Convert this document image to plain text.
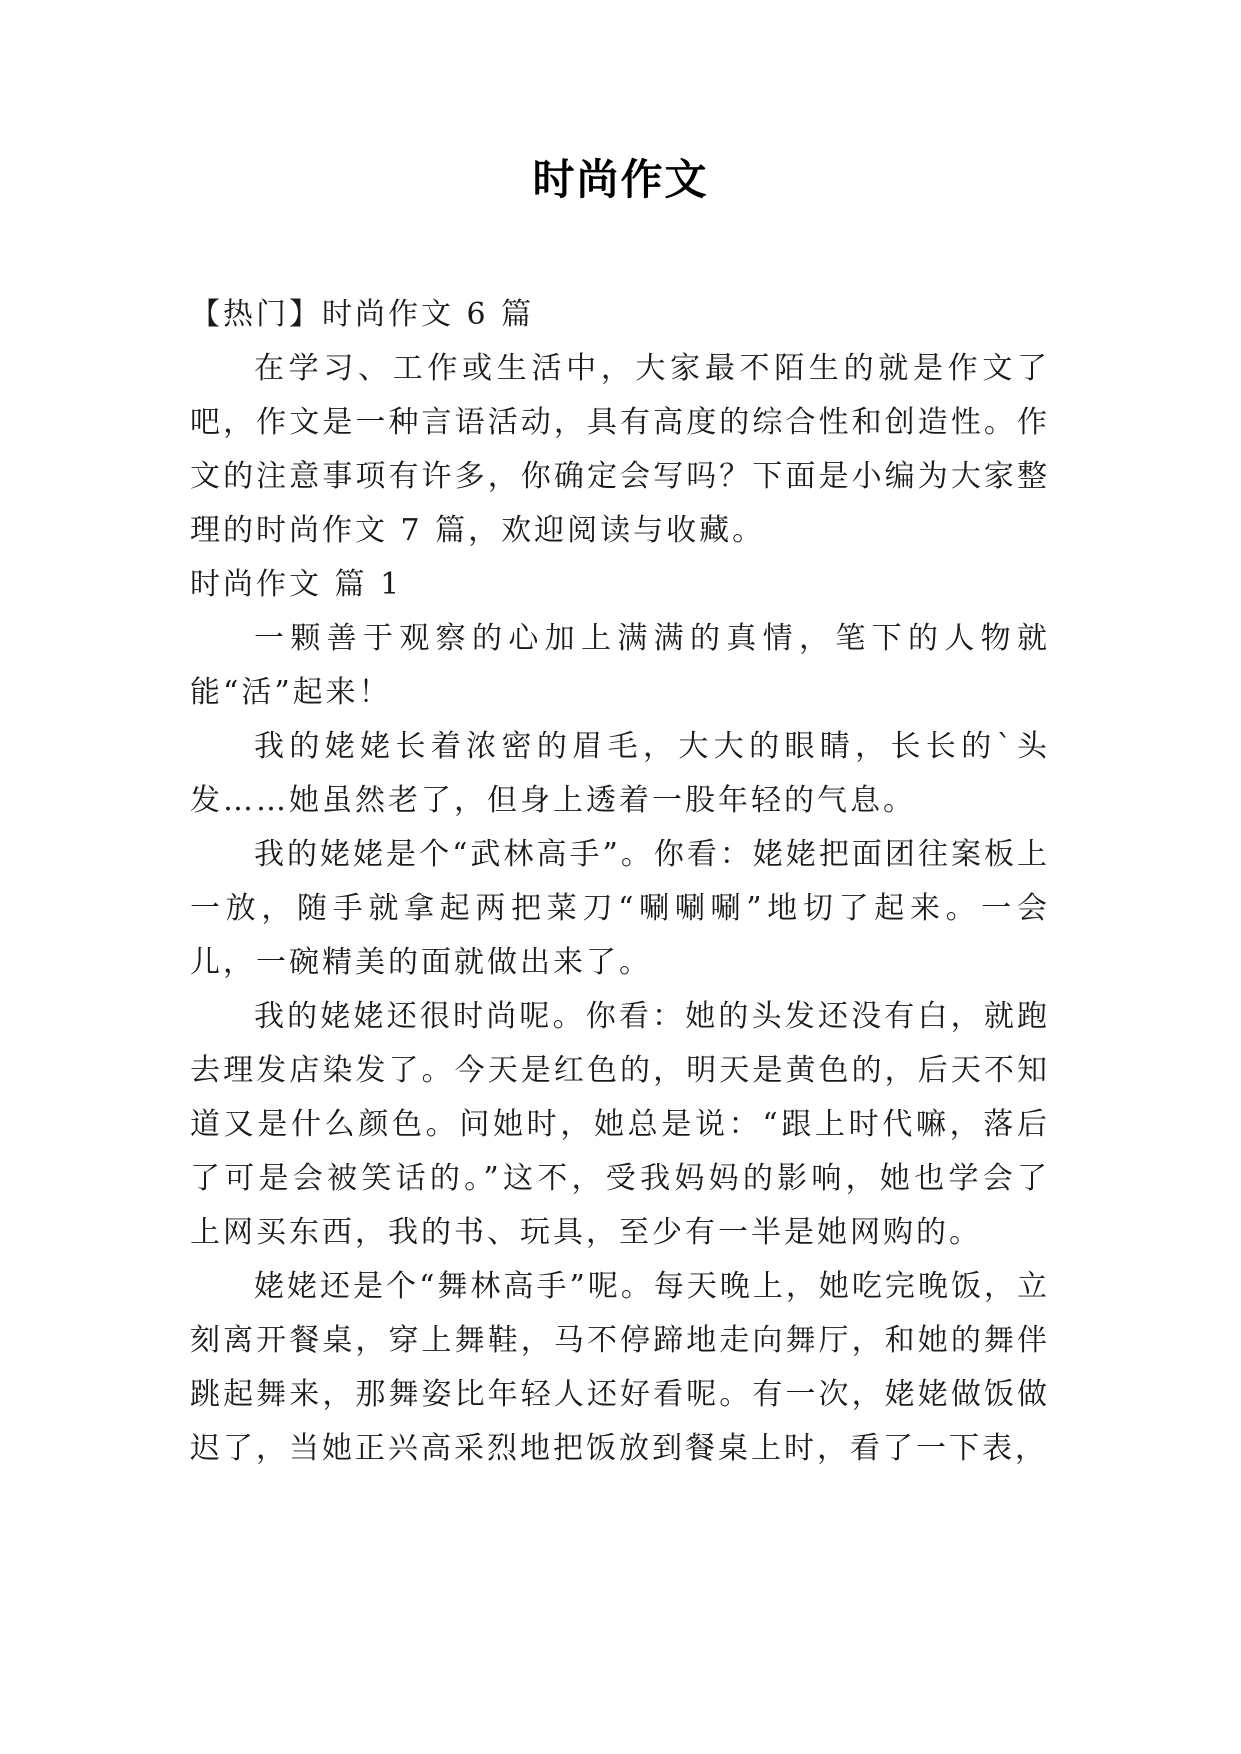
时尚作文

【热门】时尚作文 6 篇

在学习、工作或生活中，大家最不陌生的就是作文了吧，作文是一种言语活动，具有高度的综合性和创造性。作文的注意事项有许多，你确定会写吗？下面是小编为大家整理的时尚作文 7 篇，欢迎阅读与收藏。

时尚作文 篇 1

一颗善于观察的心加上满满的真情，笔下的人物就能“活”起来！

我的姥姥长着浓密的眉毛，大大的眼睛，长长的`头发……她虽然老了，但身上透着一股年轻的气息。

我的姥姥是个“武林高手”。你看：姥姥把面团往案板上一放，随手就拿起两把菜刀“唰唰唰”地切了起来。一会儿，一碗精美的面就做出来了。

我的姥姥还很时尚呢。你看：她的头发还没有白，就跑去理发店染发了。今天是红色的，明天是黄色的，后天不知道又是什么颜色。问她时，她总是说：“跟上时代嘛，落后了可是会被笑话的。”这不，受我妈妈的影响，她也学会了上网买东西，我的书、玩具，至少有一半是她网购的。

姥姥还是个“舞林高手”呢。每天晚上，她吃完晚饭，立刻离开餐桌，穿上舞鞋，马不停蹄地走向舞厅，和她的舞伴跳起舞来，那舞姿比年轻人还好看呢。有一次，姥姥做饭做迟了，当她正兴高采烈地把饭放到餐桌上时，看了一下表，
